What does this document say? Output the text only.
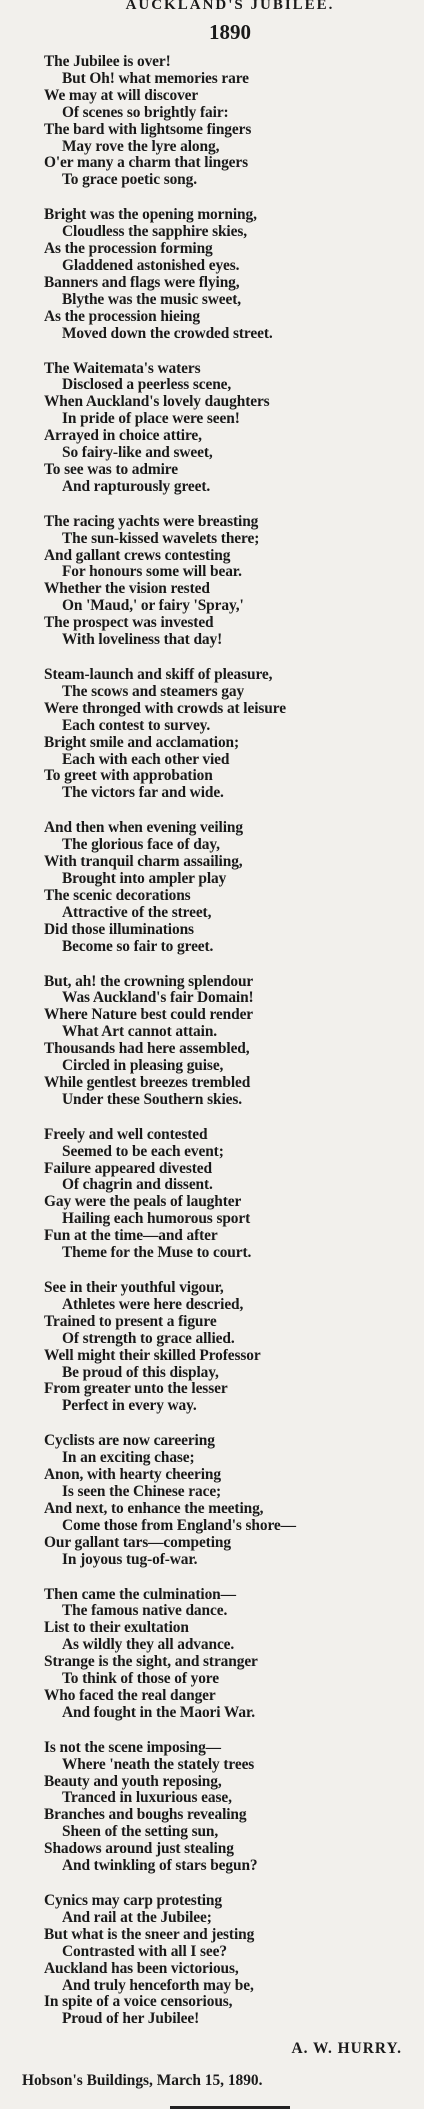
AUCKLAND'S JUBILEE.
1890
The Jubilee is over!
But Oh! what memories rare
We may at will discover
Of scenes so brightly fair:
The bard with lightsome fingers
May rove the lyre along,
O'er many a charm that lingers
To grace poetic song.
Bright was the opening morning,
Cloudless the sapphire skies,
As the procession forming
Gladdened astonished eyes.
Banners and flags were flying,
Blythe was the music sweet,
As the procession hieing
Moved down the crowded street.
The Waitemata's waters
Disclosed a peerless scene,
When Auckland's lovely daughters
In pride of place were seen!
Arrayed in choice attire,
So fairy-like and sweet,
To see was to admire
And rapturously greet.
The racing yachts were breasting
The sun-kissed wavelets there;
And gallant crews contesting
For honours some will bear.
Whether the vision rested
On 'Maud,' or fairy 'Spray,'
The prospect was invested
With loveliness that day!
Steam-launch and skiff of pleasure,
The scows and steamers gay
Were thronged with crowds at leisure
Each contest to survey.
Bright smile and acclamation;
Each with each other vied
To greet with approbation
The victors far and wide.
And then when evening veiling
The glorious face of day,
With tranquil charm assailing,
Brought into ampler play
The scenic decorations
Attractive of the street,
Did those illuminations
Become so fair to greet.
But, ah! the crowning splendour
Was Auckland's fair Domain!
Where Nature best could render
What Art cannot attain.
Thousands had here assembled,
Circled in pleasing guise,
While gentlest breezes trembled
Under these Southern skies.
Freely and well contested
Seemed to be each event;
Failure appeared divested
Of chagrin and dissent.
Gay were the peals of laughter
Hailing each humorous sport
Fun at the time—and after
Theme for the Muse to court.
See in their youthful vigour,
Athletes were here descried,
Trained to present a figure
Of strength to grace allied.
Well might their skilled Professor
Be proud of this display,
From greater unto the lesser
Perfect in every way.
Cyclists are now careering
In an exciting chase;
Anon, with hearty cheering
Is seen the Chinese race;
And next, to enhance the meeting,
Come those from England's shore—
Our gallant tars—competing
In joyous tug-of-war.
Then came the culmination—
The famous native dance.
List to their exultation
As wildly they all advance.
Strange is the sight, and stranger
To think of those of yore
Who faced the real danger
And fought in the Maori War.
Is not the scene imposing—
Where 'neath the stately trees
Beauty and youth reposing,
Tranced in luxurious ease,
Branches and boughs revealing
Sheen of the setting sun,
Shadows around just stealing
And twinkling of stars begun?
Cynics may carp protesting
And rail at the Jubilee;
But what is the sneer and jesting
Contrasted with all I see?
Auckland has been victorious,
And truly henceforth may be,
In spite of a voice censorious,
Proud of her Jubilee!
A. W. HURRY.
Hobson's Buildings, March 15, 1890.
